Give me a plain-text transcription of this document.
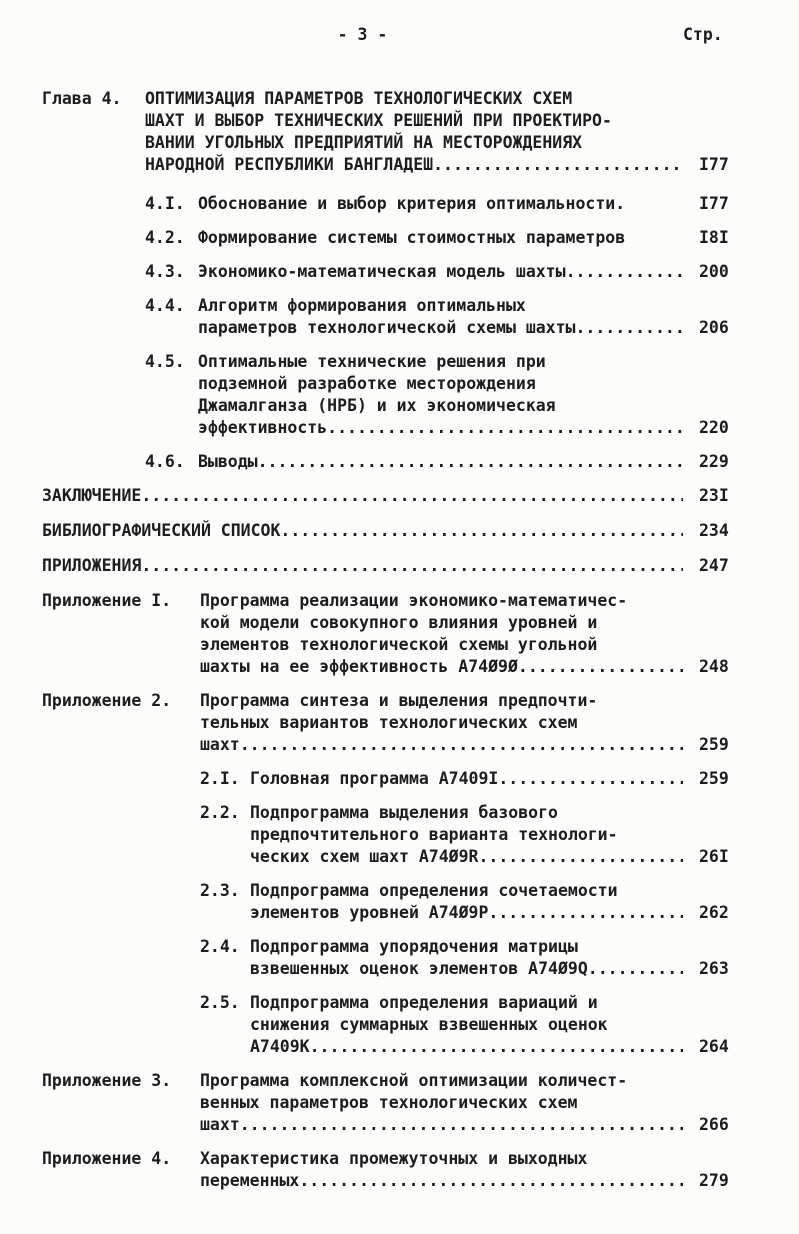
- 3 -	Стр.
Глава 4.	ОПТИМИЗАЦИЯ ПАРАМЕТРОВ ТЕХНОЛОГИЧЕСКИХ СХЕМ
ШАХТ И ВЫБОР ТЕХНИЧЕСКИХ РЕШЕНИЙ ПРИ ПРОЕКТИРО-
ВАНИИ УГОЛЬНЫХ ПРЕДПРИЯТИЙ НА МЕСТОРОЖДЕНИЯХ
НАРОДНОЙ РЕСПУБЛИКИ БАНГЛАДЕШ .....	I77
4.I. Обоснование и выбор критерия оптимальности.	I77
4.2. Формирование системы стоимостных параметров	I8I
4.3. Экономико-математическая модель шахты .....	200
4.4. Алгоритм формирования оптимальных
параметров технологической схемы шахты .....	206
4.5. Оптимальные технические решения при
подземной разработке месторождения
Джамалганза (НРБ) и их экономическая
эффективность .....	220
4.6. Выводы .....	229
ЗАКЛЮЧЕНИЕ .....	23I
БИБЛИОГРАФИЧЕСКИЙ СПИСОК .....	234
ПРИЛОЖЕНИЯ .....	247
Приложение I.	Программа реализации экономико-математичес-
кой модели совокупного влияния уровней и
элементов технологической схемы угольной
шахты на ее эффективность А74Ø9Ø .....	248
Приложение 2.	Программа синтеза и выделения предпочти-
тельных вариантов технологических схем
шахт .....	259
2.I. Головная программа А7409I .....	259
2.2. Подпрограмма выделения базового
предпочтительного варианта технологи-
ческих схем шахт А74Ø9R .....	26I
2.3. Подпрограмма определения сочетаемости
элементов уровней А74Ø9Р .....	262
2.4. Подпрограмма упорядочения матрицы
взвешенных оценок элементов А74Ø9Q .....	263
2.5. Подпрограмма определения вариаций и
снижения суммарных взвешенных оценок
А7409К .....	264
Приложение 3.	Программа комплексной оптимизации количест-
венных параметров технологических схем
шахт .....	266
Приложение 4.	Характеристика промежуточных и выходных
переменных .....	279
